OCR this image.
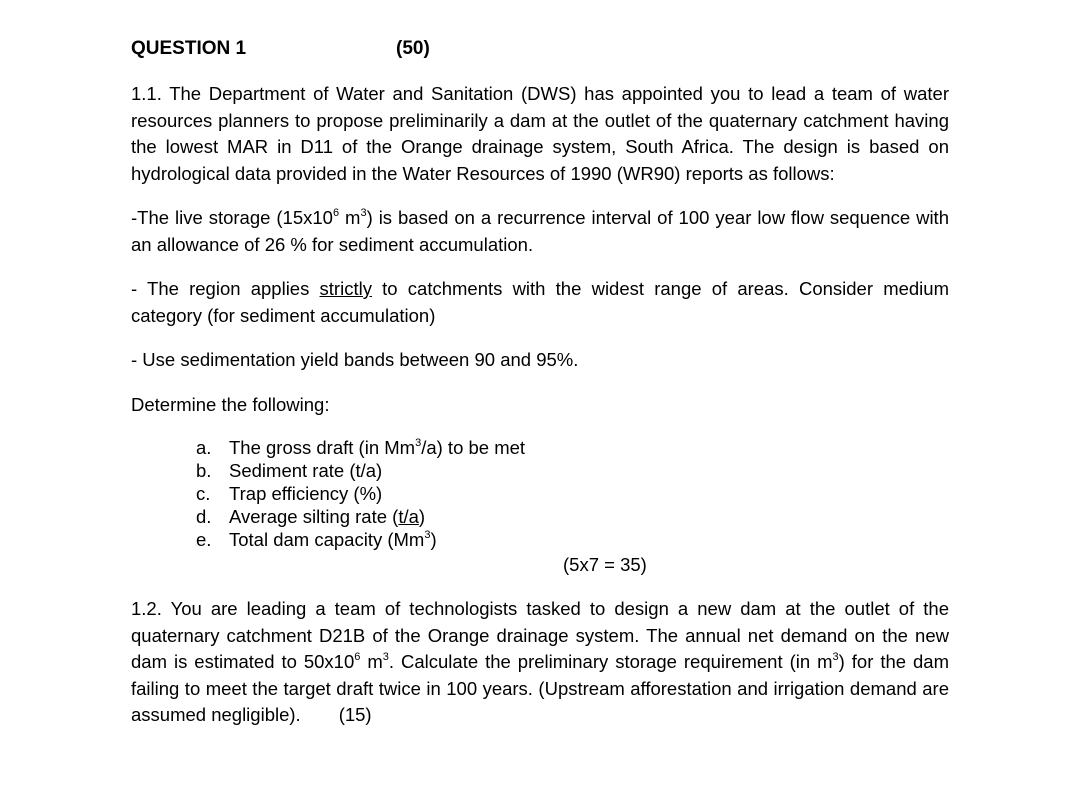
QUESTION 1	(50)

1.1. The Department of Water and Sanitation (DWS) has appointed you to lead a team of water resources planners to propose preliminarily a dam at the outlet of the quaternary catchment having the lowest MAR in D11 of the Orange drainage system, South Africa. The design is based on hydrological data provided in the Water Resources of 1990 (WR90) reports as follows:

-The live storage ($15x10^6$ $m^3$) is based on a recurrence interval of 100 year low flow sequence with an allowance of 26 % for sediment accumulation.

- The region applies strictly to catchments with the widest range of areas. Consider medium category (for sediment accumulation)

- Use sedimentation yield bands between 90 and 95%.

Determine the following:

a. The gross draft (in Mm$^3$/a) to be met
b. Sediment rate (t/a)
c.	Trap efficiency (%)
d. Average silting rate (t/a)
e. Total dam capacity (Mm$^3$)
(5x7 = 35)

1.2. You are leading a team of technologists tasked to design a new dam at the outlet of the quaternary catchment D21B of the Orange drainage system. The annual net demand on the new dam is estimated to $50x10^6$ $m^3$. Calculate the preliminary storage requirement (in $m^3$) for the dam failing to meet the target draft twice in 100 years. (Upstream afforestation and irrigation demand are assumed negligible). (15)
